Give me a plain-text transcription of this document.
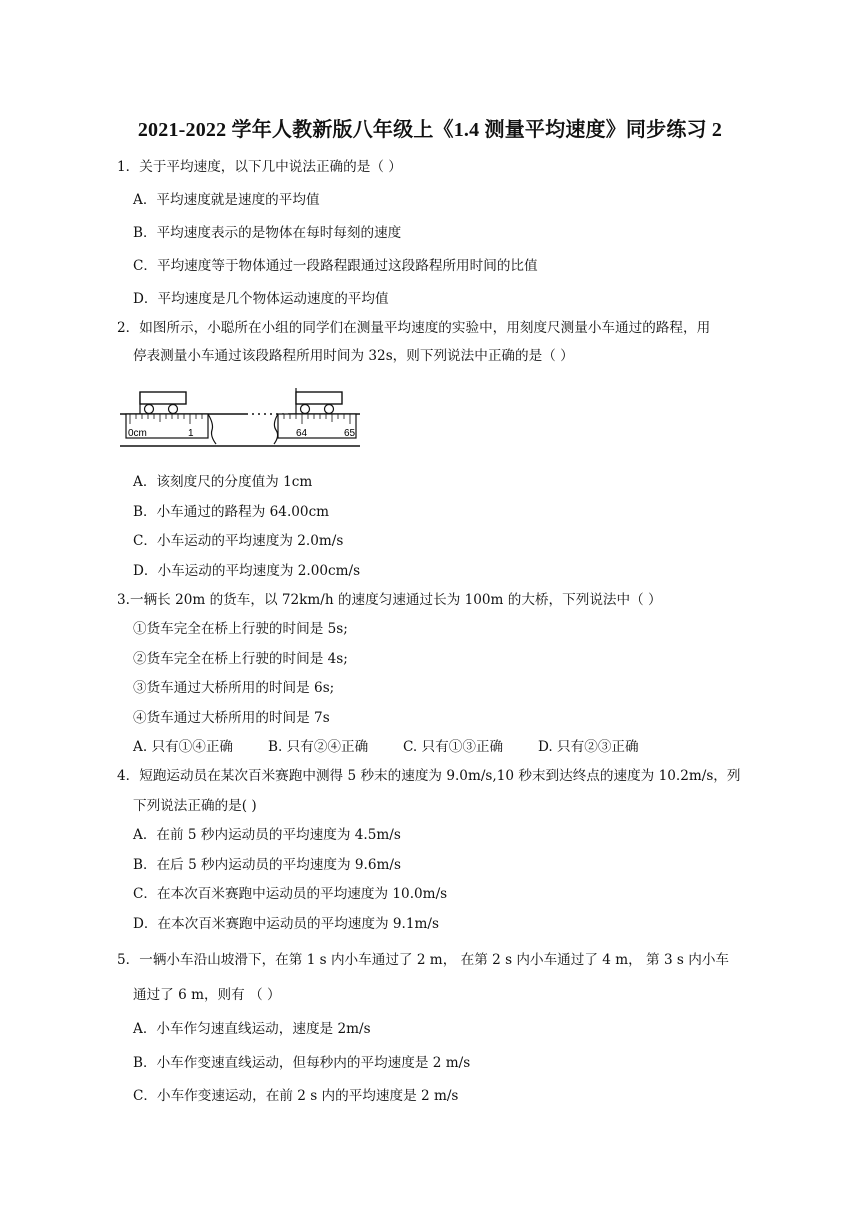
2021-2022 学年人教新版八年级上《1.4 测量平均速度》同步练习 2
1．关于平均速度，以下几中说法正确的是（ ）
A．平均速度就是速度的平均值
B．平均速度表示的是物体在每时每刻的速度
C．平均速度等于物体通过一段路程跟通过这段路程所用时间的比值
D．平均速度是几个物体运动速度的平均值
2．如图所示，小聪所在小组的同学们在测量平均速度的实验中，用刻度尺测量小车通过的路程，用
停表测量小车通过该段路程所用时间为 32s，则下列说法中正确的是（ ）
0cm	1	64	65
A．该刻度尺的分度值为 1cm
B．小车通过的路程为 64.00cm
C．小车运动的平均速度为 2.0m/s
D．小车运动的平均速度为 2.00cm/s
3.一辆长 20m 的货车，以 72km/h 的速度匀速通过长为 100m 的大桥，下列说法中（ ）
①货车完全在桥上行驶的时间是 5s;
②货车完全在桥上行驶的时间是 4s;
③货车通过大桥所用的时间是 6s;
④货车通过大桥所用的时间是 7s
A. 只有①④正确	B. 只有②④正确	C. 只有①③正确	D. 只有②③正确
4．短跑运动员在某次百米赛跑中测得 5 秒末的速度为 9.0m/s,10 秒末到达终点的速度为 10.2m/s，列
下列说法正确的是( )
A．在前 5 秒内运动员的平均速度为 4.5m/s
B．在后 5 秒内运动员的平均速度为 9.6m/s
C．在本次百米赛跑中运动员的平均速度为 10.0m/s
D．在本次百米赛跑中运动员的平均速度为 9.1m/s
5．一辆小车沿山坡滑下，在第 1 s 内小车通过了 2 m， 在第 2 s 内小车通过了 4 m， 第 3 s 内小车
通过了 6 m，则有 （ ）
A．小车作匀速直线运动，速度是 2m/s
B．小车作变速直线运动，但每秒内的平均速度是 2 m/s
C．小车作变速运动，在前 2 s 内的平均速度是 2 m/s
